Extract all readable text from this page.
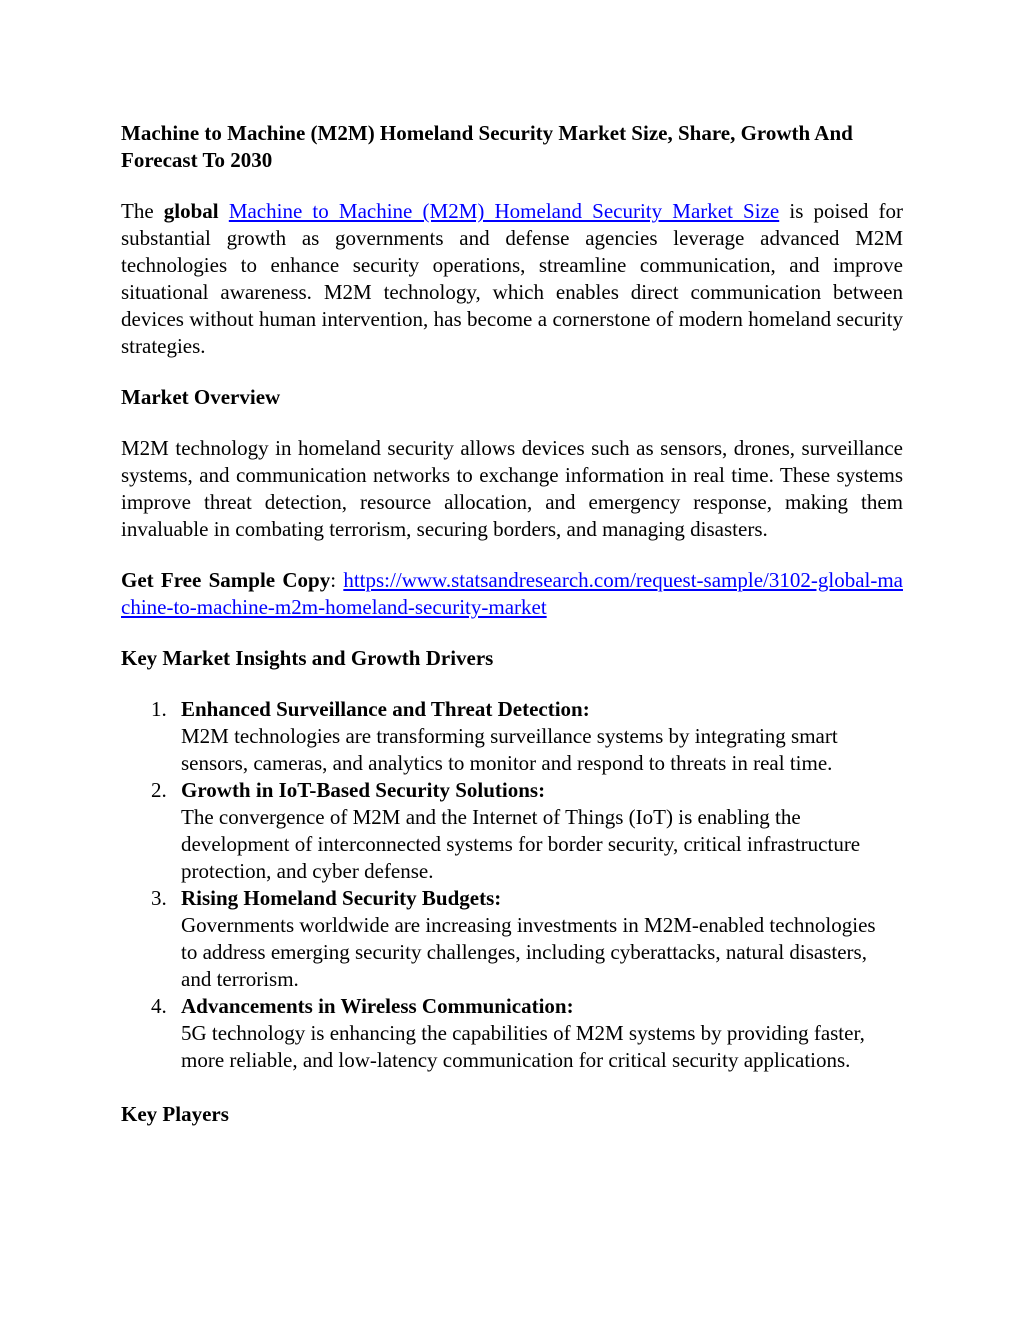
Machine to Machine (M2M) Homeland Security Market Size, Share, Growth And Forecast To 2030

The global Machine to Machine (M2M) Homeland Security Market Size is poised for substantial growth as governments and defense agencies leverage advanced M2M technologies to enhance security operations, streamline communication, and improve situational awareness. M2M technology, which enables direct communication between devices without human intervention, has become a cornerstone of modern homeland security strategies.

Market Overview

M2M technology in homeland security allows devices such as sensors, drones, surveillance systems, and communication networks to exchange information in real time. These systems improve threat detection, resource allocation, and emergency response, making them invaluable in combating terrorism, securing borders, and managing disasters.

Get Free Sample Copy: https://www.statsandresearch.com/request-sample/3102-global-machine-to-machine-m2m-homeland-security-market

Key Market Insights and Growth Drivers
1. Enhanced Surveillance and Threat Detection:
M2M technologies are transforming surveillance systems by integrating smart sensors, cameras, and analytics to monitor and respond to threats in real time.
2. Growth in IoT-Based Security Solutions:
The convergence of M2M and the Internet of Things (IoT) is enabling the development of interconnected systems for border security, critical infrastructure protection, and cyber defense.
3. Rising Homeland Security Budgets:
Governments worldwide are increasing investments in M2M-enabled technologies to address emerging security challenges, including cyberattacks, natural disasters, and terrorism.
4. Advancements in Wireless Communication:
5G technology is enhancing the capabilities of M2M systems by providing faster, more reliable, and low-latency communication for critical security applications.
Key Players
